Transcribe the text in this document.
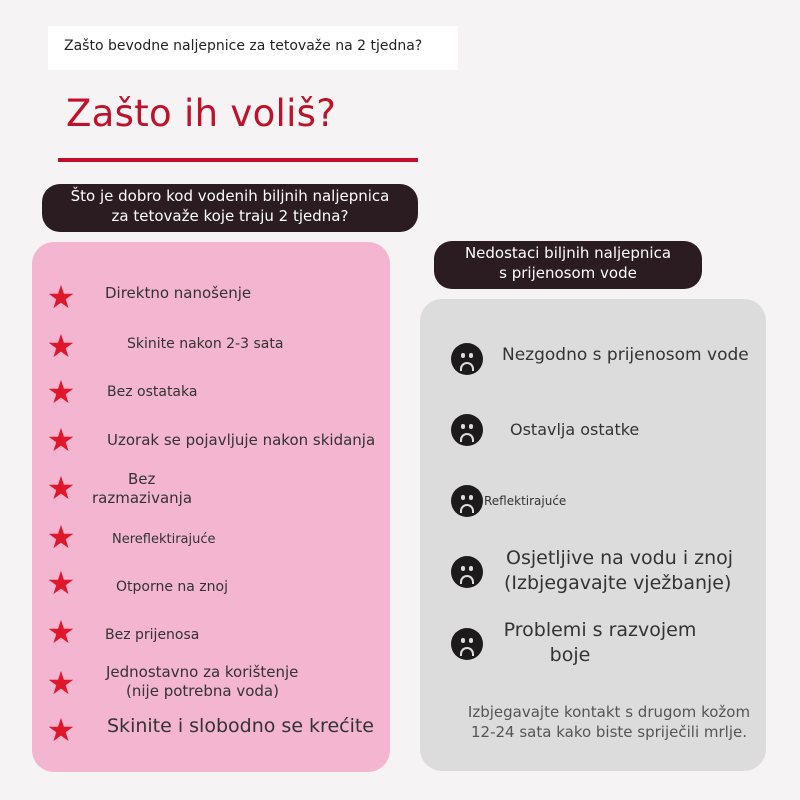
Zašto bevodne naljepnice za tetovaže na 2 tjedna?
Zašto ih voliš?
Što je dobro kod vodenih biljnih naljepnica
za tetovaže koje traju 2 tjedna?
Nedostaci biljnih naljepnica
s prijenosom vode
★ Direktno nanošenje
★	Skinite nakon 2-3 sata
★ Bez ostataka
★ Uzorak se pojavljuje nakon skidanja
★	Bez
razmazivanja
★	Nereflektirajuće
★	Otporne na znoj
★ Bez prijenosa
★ Jednostavno za korištenje
(nije potrebna voda)
★ Skinite i slobodno se krećite
Nezgodno s prijenosom vode
Ostavlja ostatke
Reflektirajuće
Osjetljive na vodu i znoj
(Izbjegavajte vježbanje)
Problemi s razvojem
boje
Izbjegavajte kontakt s drugom kožom
12-24 sata kako biste spriječili mrlje.
